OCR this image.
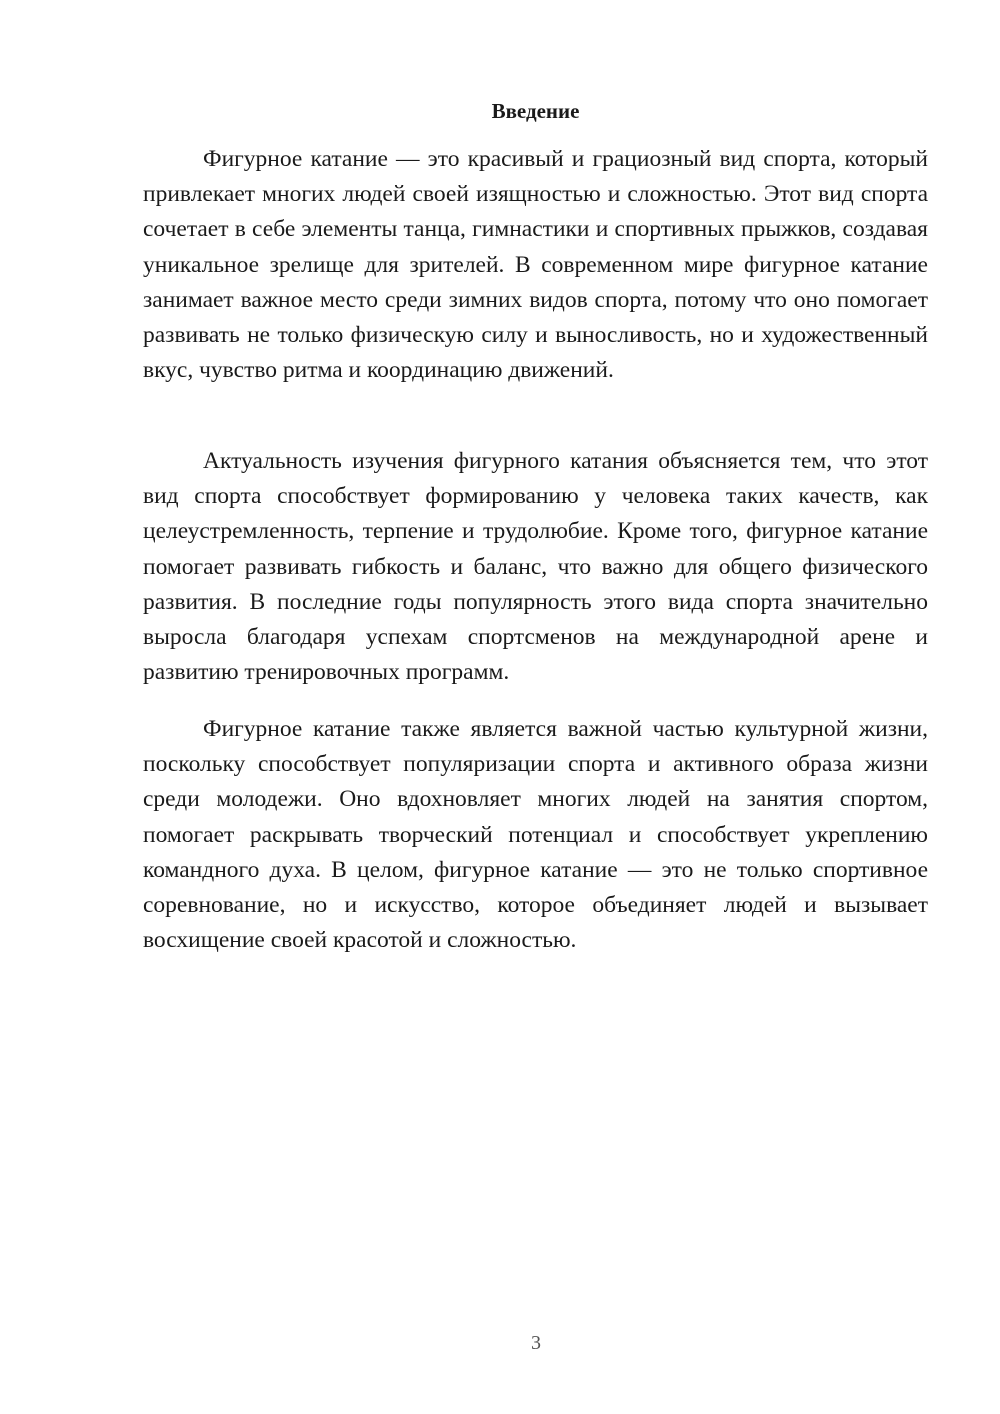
Введение

Фигурное катание — это красивый и грациозный вид спорта, который привлекает многих людей своей изящностью и сложностью. Этот вид спорта сочетает в себе элементы танца, гимнастики и спортивных прыжков, создавая уникальное зрелище для зрителей. В современном мире фигурное катание занимает важное место среди зимних видов спорта, потому что оно помогает развивать не только физическую силу и выносливость, но и художественный вкус, чувство ритма и координацию движений.

Актуальность изучения фигурного катания объясняется тем, что этот вид спорта способствует формированию у человека таких качеств, как целеустремленность, терпение и трудолюбие. Кроме того, фигурное катание помогает развивать гибкость и баланс, что важно для общего физического развития. В последние годы популярность этого вида спорта значительно выросла благодаря успехам спортсменов на международной арене и развитию тренировочных программ.

Фигурное катание также является важной частью культурной жизни, поскольку способствует популяризации спорта и активного образа жизни среди молодежи. Оно вдохновляет многих людей на занятия спортом, помогает раскрывать творческий потенциал и способствует укреплению командного духа. В целом, фигурное катание — это не только спортивное соревнование, но и искусство, которое объединяет людей и вызывает восхищение своей красотой и сложностью.

3
